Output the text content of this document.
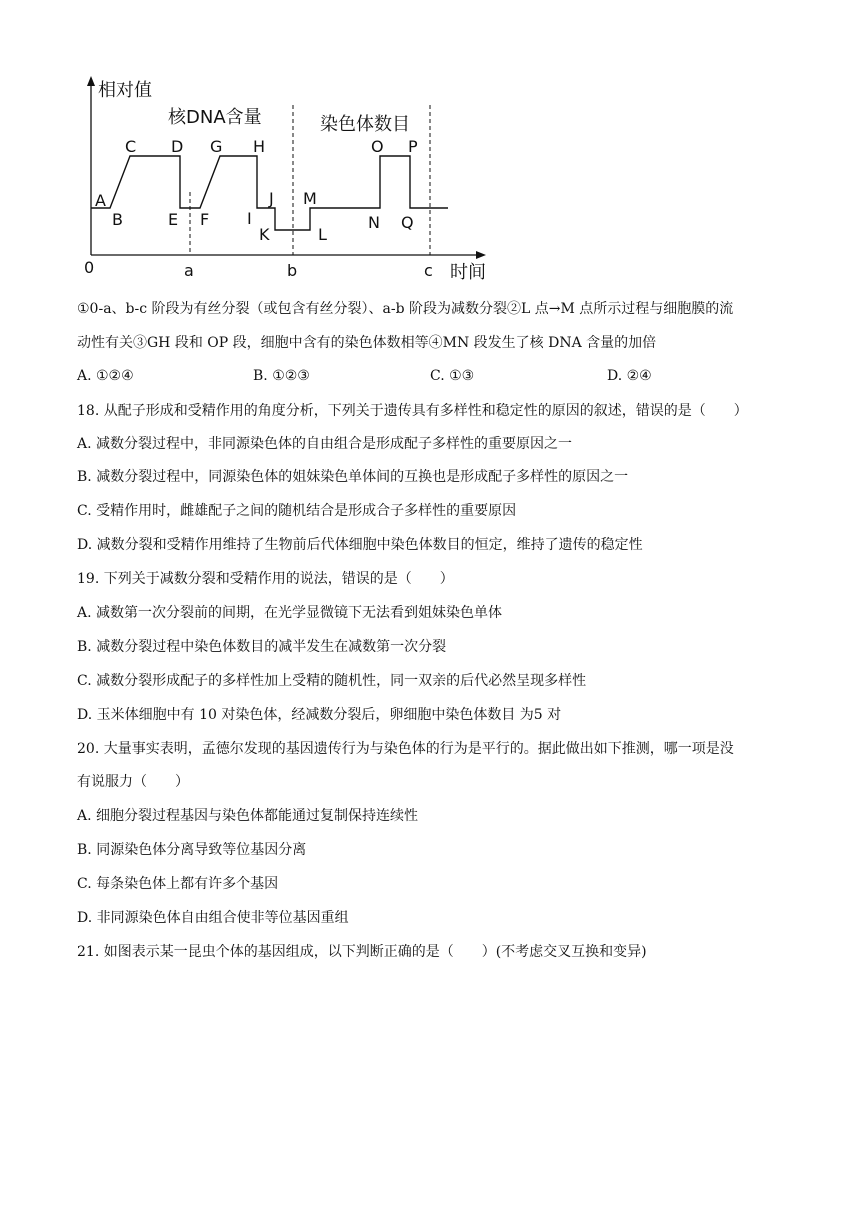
核DNA含量	染色体数目
相对值
时间
0	a	b	c
A
B
C D
E F
G H
I
J
K	L
M
N
O P
Q
①0-a、b-c 阶段为有丝分裂（或包含有丝分裂）、a-b 阶段为减数分裂②L 点→M 点所示过程与细胞膜的流
动性有关③GH 段和 OP 段，细胞中含有的染色体数相等④MN 段发生了核 DNA 含量的加倍
A. ①②④	B. ①②③	C. ①③	D. ②④
18. 从配子形成和受精作用的角度分析，下列关于遗传具有多样性和稳定性的原因的叙述，错误的是（　　）
A. 减数分裂过程中，非同源染色体的自由组合是形成配子多样性的重要原因之一
B. 减数分裂过程中，同源染色体的姐妹染色单体间的互换也是形成配子多样性的原因之一
C. 受精作用时，雌雄配子之间的随机结合是形成合子多样性的重要原因
D. 减数分裂和受精作用维持了生物前后代体细胞中染色体数目的恒定，维持了遗传的稳定性
19. 下列关于减数分裂和受精作用的说法，错误的是（　　）
A. 减数第一次分裂前的间期，在光学显微镜下无法看到姐妹染色单体
B. 减数分裂过程中染色体数目的减半发生在减数第一次分裂
C. 减数分裂形成配子的多样性加上受精的随机性，同一双亲的后代必然呈现多样性
D. 玉米体细胞中有 10 对染色体，经减数分裂后，卵细胞中染色体数目 为5 对
20. 大量事实表明，孟德尔发现的基因遗传行为与染色体的行为是平行的。据此做出如下推测，哪一项是没
有说服力（　　）
A. 细胞分裂过程基因与染色体都能通过复制保持连续性
B. 同源染色体分离导致等位基因分离
C. 每条染色体上都有许多个基因
D. 非同源染色体自由组合使非等位基因重组
21. 如图表示某一昆虫个体的基因组成，以下判断正确的是（　　）(不考虑交叉互换和变异)
